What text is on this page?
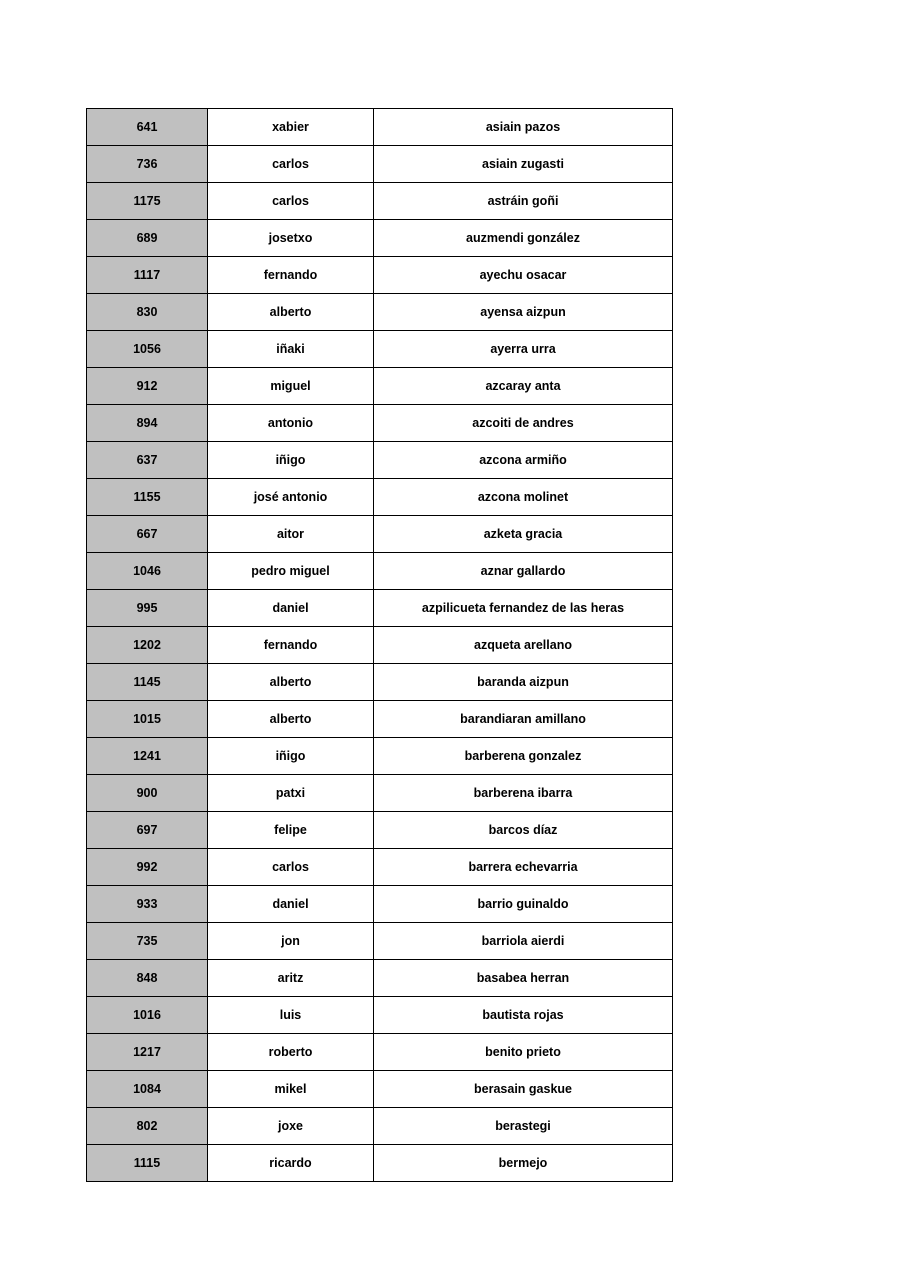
641	xabier	asiain pazos
736	carlos	asiain zugasti
1175	carlos	astráin goñi
689	josetxo	auzmendi gonzález
1117	fernando	ayechu osacar
830	alberto	ayensa aizpun
1056	iñaki	ayerra urra
912	miguel	azcaray anta
894	antonio	azcoiti de andres
637	iñigo	azcona armiño
1155	josé antonio	azcona molinet
667	aitor	azketa gracia
1046	pedro miguel	aznar gallardo
995	daniel	azpilicueta fernandez de las heras
1202	fernando	azqueta arellano
1145	alberto	baranda aizpun
1015	alberto	barandiaran amillano
1241	iñigo	barberena gonzalez
900	patxi	barberena ibarra
697	felipe	barcos díaz
992	carlos	barrera echevarria
933	daniel	barrio guinaldo
735	jon	barriola aierdi
848	aritz	basabea herran
1016	luis	bautista rojas
1217	roberto	benito prieto
1084	mikel	berasain gaskue
802	joxe	berastegi
1115	ricardo	bermejo
